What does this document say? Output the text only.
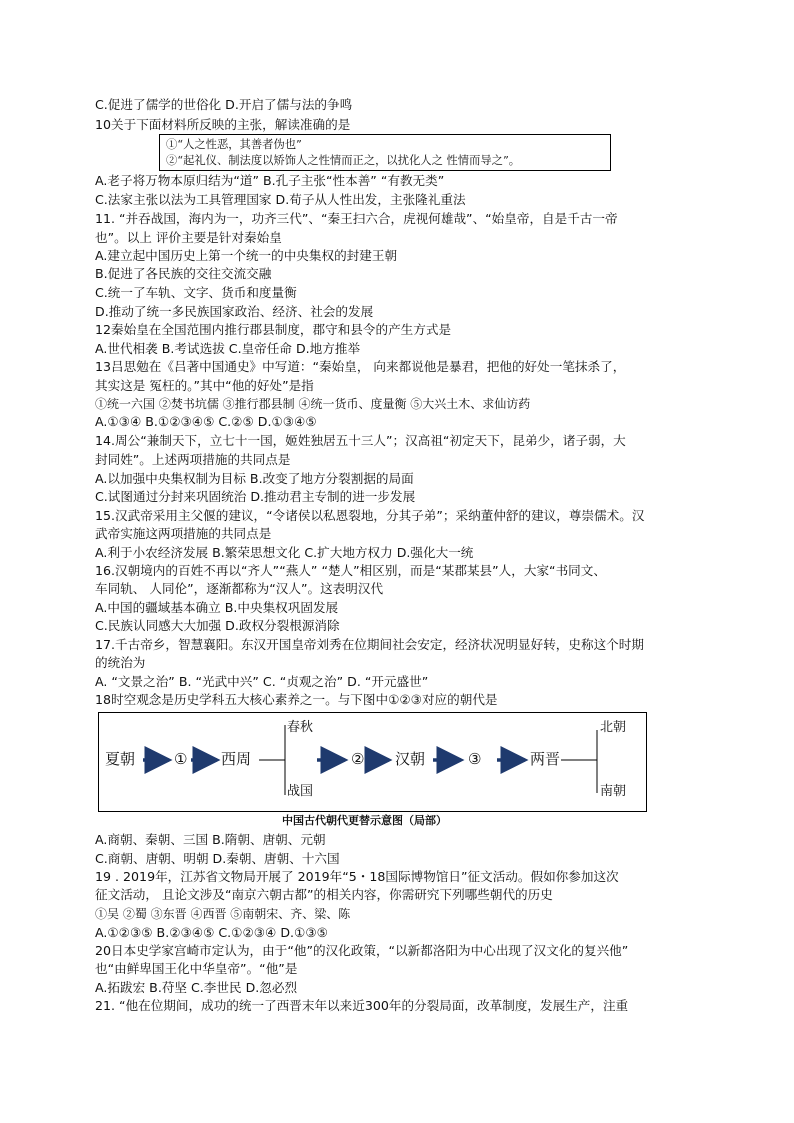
C.促进了儒学的世俗化 D.开启了儒与法的争鸣
10关于下面材料所反映的主张，解读准确的是
①“人之性恶，其善者伪也”
②“起礼仪、制法度以矫饰人之性情而正之，以扰化人之 性情而导之”。
A.老子将万物本原归结为“道” B.孔子主张“性本善” “有教无类”
C.法家主张以法为工具管理国家 D.荀子从人性出发，主张隆礼重法
11. “并吞战国，海内为一，功齐三代”、“秦王扫六合，虎视何雄哉”、“始皇帝，自是千古一帝
也”。以上 评价主要是针对秦始皇
A.建立起中国历史上第一个统一的中央集权的封建王朝
B.促进了各民族的交往交流交融
C.统一了车轨、文字、货币和度量衡
D.推动了统一多民族国家政治、经济、社会的发展
12秦始皇在全国范围内推行郡县制度，郡守和县令的产生方式是
A.世代相袭 B.考试选拔 C.皇帝任命 D.地方推举
13吕思勉在《吕著中国通史》中写道：“秦始皇， 向来都说他是暴君，把他的好处一笔抹杀了，
其实这是 冤枉的。”其中“他的好处”是指
①统一六国 ②焚书坑儒 ③推行郡县制 ④统一货币、度量衡 ⑤大兴土木、求仙访药
A.①③④ B.①②③④⑤ C.②⑤ D.①③④⑤
14.周公“兼制天下，立七十一国，姬姓独居五十三人”；汉高祖“初定天下，昆弟少，诸子弱，大
封同姓”。上述两项措施的共同点是
A.以加强中央集权制为目标 B.改变了地方分裂割据的局面
C.试图通过分封来巩固统治 D.推动君主专制的进一步发展
15.汉武帝采用主父偃的建议，“令诸侯以私恩裂地，分其子弟”；采纳董仲舒的建议，尊崇儒术。汉
武帝实施这两项措施的共同点是
A.利于小农经济发展 B.繁荣思想文化 C.扩大地方权力 D.强化大一统
16.汉朝境内的百姓不再以“齐人”“燕人” “楚人”相区别，而是“某郡某县”人，大家“书同文、
车同轨、 人同伦”，逐渐都称为“汉人”。这表明汉代
A.中国的疆域基本确立 B.中央集权巩固发展
C.民族认同感大大加强 D.政权分裂根源消除
17.千古帝乡，智慧襄阳。东汉开国皇帝刘秀在位期间社会安定，经济状况明显好转，史称这个时期
的统治为
A. “文景之治” B. “光武中兴” C. “贞观之治” D. “开元盛世”
18时空观念是历史学科五大核心素养之一。与下图中①②③对应的朝代是
夏朝	① 西周
春秋
战国
② 汉朝	③	两晋
北朝
南朝
中国古代朝代更替示意图（局部）
A.商朝、秦朝、三国 B.隋朝、唐朝、元朝
C.商朝、唐朝、明朝 D.秦朝、唐朝、十六国
19 . 2019年，江苏省文物局开展了 2019年“5・18国际博物馆日”征文活动。假如你参加这次
征文活动， 且论文涉及“南京六朝古都”的相关内容，你需研究下列哪些朝代的历史
①吴 ②蜀 ③东晋 ④西晋 ⑤南朝宋、齐、梁、陈
A.①②③⑤ B.②③④⑤ C.①②③④ D.①③⑤
20日本史学家宫崎市定认为，由于“他”的汉化政策，“以新都洛阳为中心出现了汉文化的复兴他”
也“由鲜卑国王化中华皇帝”。“他”是
A.拓跋宏 B.苻坚 C.李世民 D.忽必烈
21. “他在位期间，成功的统一了西晋末年以来近300年的分裂局面，改革制度，发展生产，注重
